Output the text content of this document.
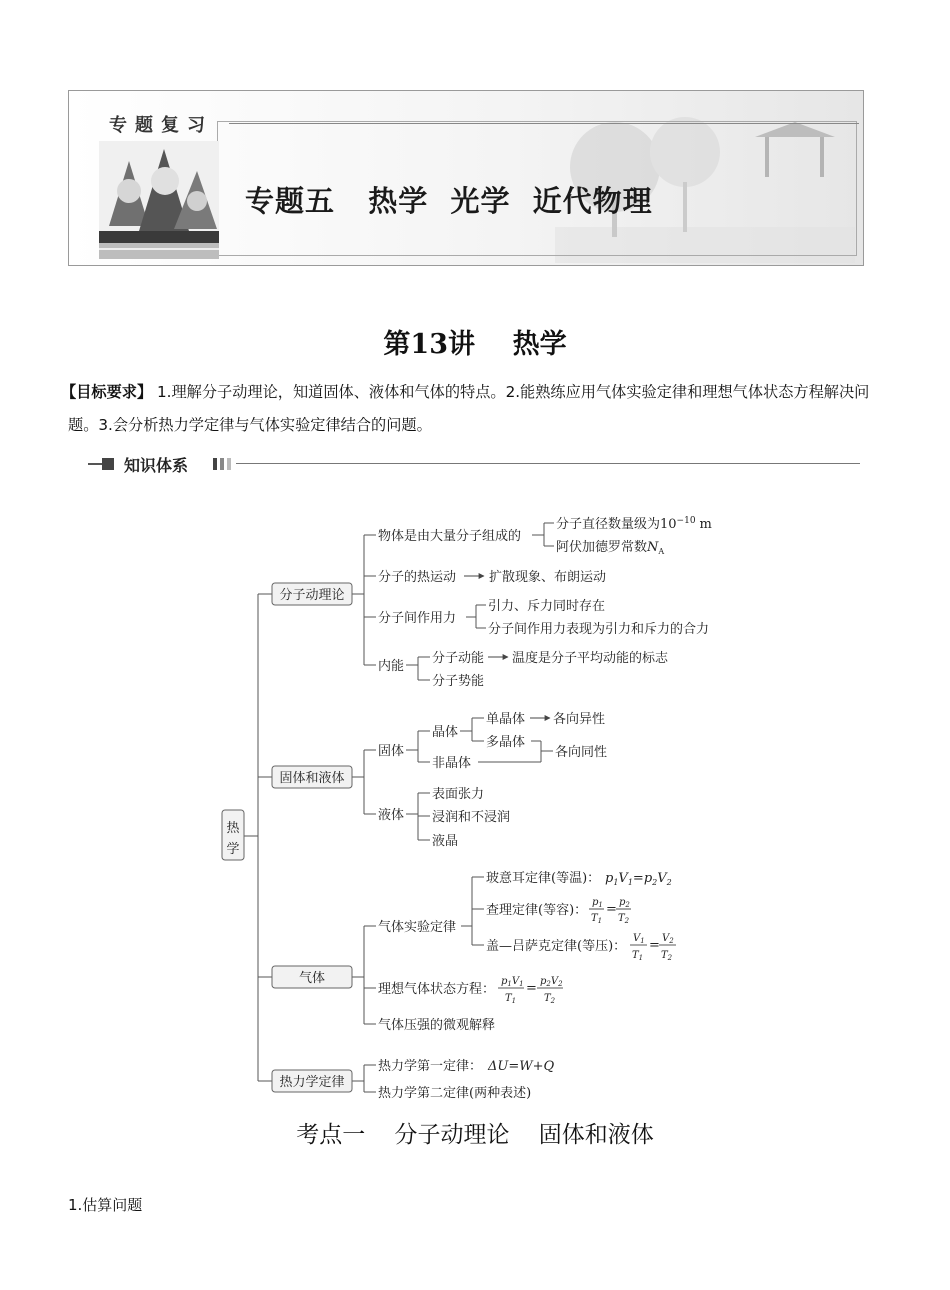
专题复习
专题五   热学  光学  近代物理
第13讲    热学
【目标要求】 1.理解分子动理论，知道固体、液体和气体的特点。2.能熟练应用气体实验定律和理想气体状态方程解决问题。3.会分析热力学定律与气体实验定律结合的问题。
知识体系
热
学
分子动理论
固体和液体
气体
热力学定律
物体是由大量分子组成的
分子直径数量级为$10^{-10}$ m
阿伏加德罗常数$N_A$
分子的热运动	扩散现象、布朗运动
分子间作用力
引力、斥力同时存在
分子间作用力表现为引力和斥力的合力
内能
分子动能 温度是分子平均动能的标志
分子势能
固体
晶体
单晶体 各向异性
多晶体
非晶体
各向同性
液体
表面张力
浸润和不浸润
液晶
气体实验定律
玻意耳定律(等温)： $p_1V_1=p_2V_2$
查理定律(等容)：
$p_1$
$T_1$
= $p_2$
$T_2$
盖—吕萨克定律(等压)：
$V_1$
$T_1$
= $V_2$
$T_2$
理想气体状态方程：
$p_1V_1$
$T_1$
= $p_2V_2$
$T_2$
气体压强的微观解释
热力学第一定律： ΔU=W+Q
热力学第二定律(两种表述)
考点一    分子动理论    固体和液体
1.估算问题
